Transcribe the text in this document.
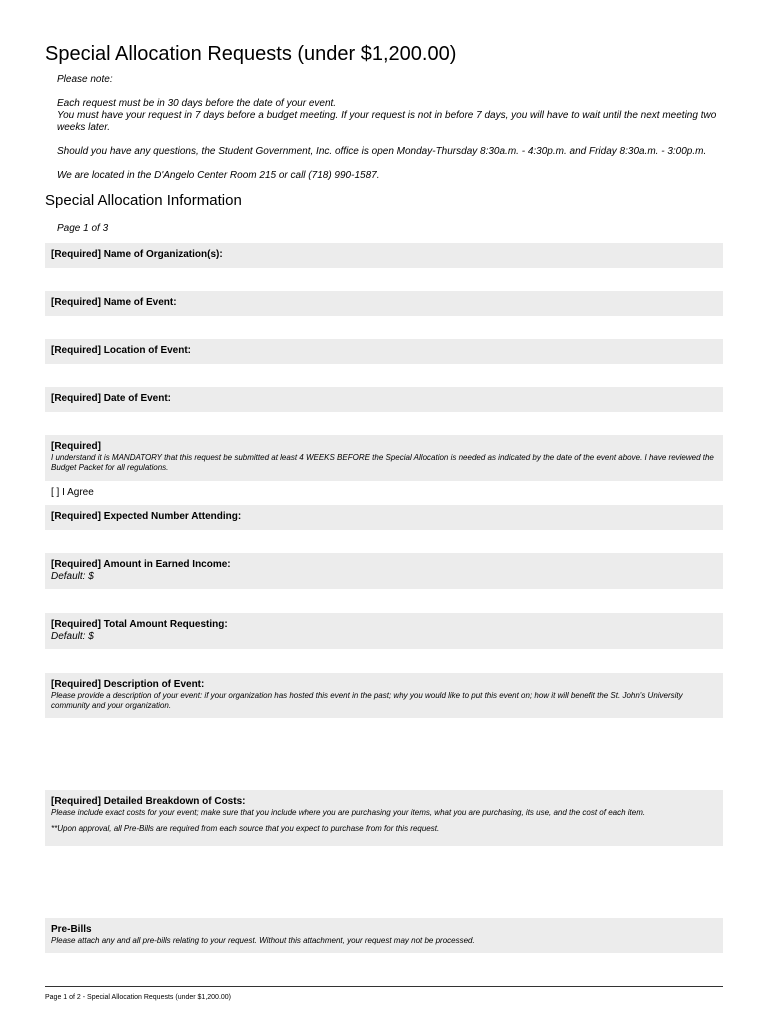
Special Allocation Requests (under $1,200.00)
Please note:
Each request must be in 30 days before the date of your event.
You must have your request in 7 days before a budget meeting. If your request is not in before 7 days, you will have to wait until the next meeting two weeks later.
Should you have any questions, the Student Government, Inc. office is open Monday-Thursday 8:30a.m. - 4:30p.m. and Friday 8:30a.m. - 3:00p.m.
We are located in the D'Angelo Center Room 215 or call (718) 990-1587.
Special Allocation Information
Page 1 of 3
[Required] Name of Organization(s):
[Required] Name of Event:
[Required] Location of Event:
[Required] Date of Event:
[Required]
I understand it is MANDATORY that this request be submitted at least 4 WEEKS BEFORE the Special Allocation is needed as indicated by the date of the event above. I have reviewed the Budget Packet for all regulations.
[ ] I Agree
[Required] Expected Number Attending:
[Required] Amount in Earned Income:
Default: $
[Required] Total Amount Requesting:
Default: $
[Required] Description of Event:
Please provide a description of your event: if your organization has hosted this event in the past; why you would like to put this event on; how it will benefit the St. John's University community and your organization.
[Required] Detailed Breakdown of Costs:
Please include exact costs for your event; make sure that you include where you are purchasing your items, what you are purchasing, its use, and the cost of each item.
**Upon approval, all Pre-Bills are required from each source that you expect to purchase from for this request.
Pre-Bills
Please attach any and all pre-bills relating to your request. Without this attachment, your request may not be processed.
Page 1 of 2 - Special Allocation Requests (under $1,200.00)
